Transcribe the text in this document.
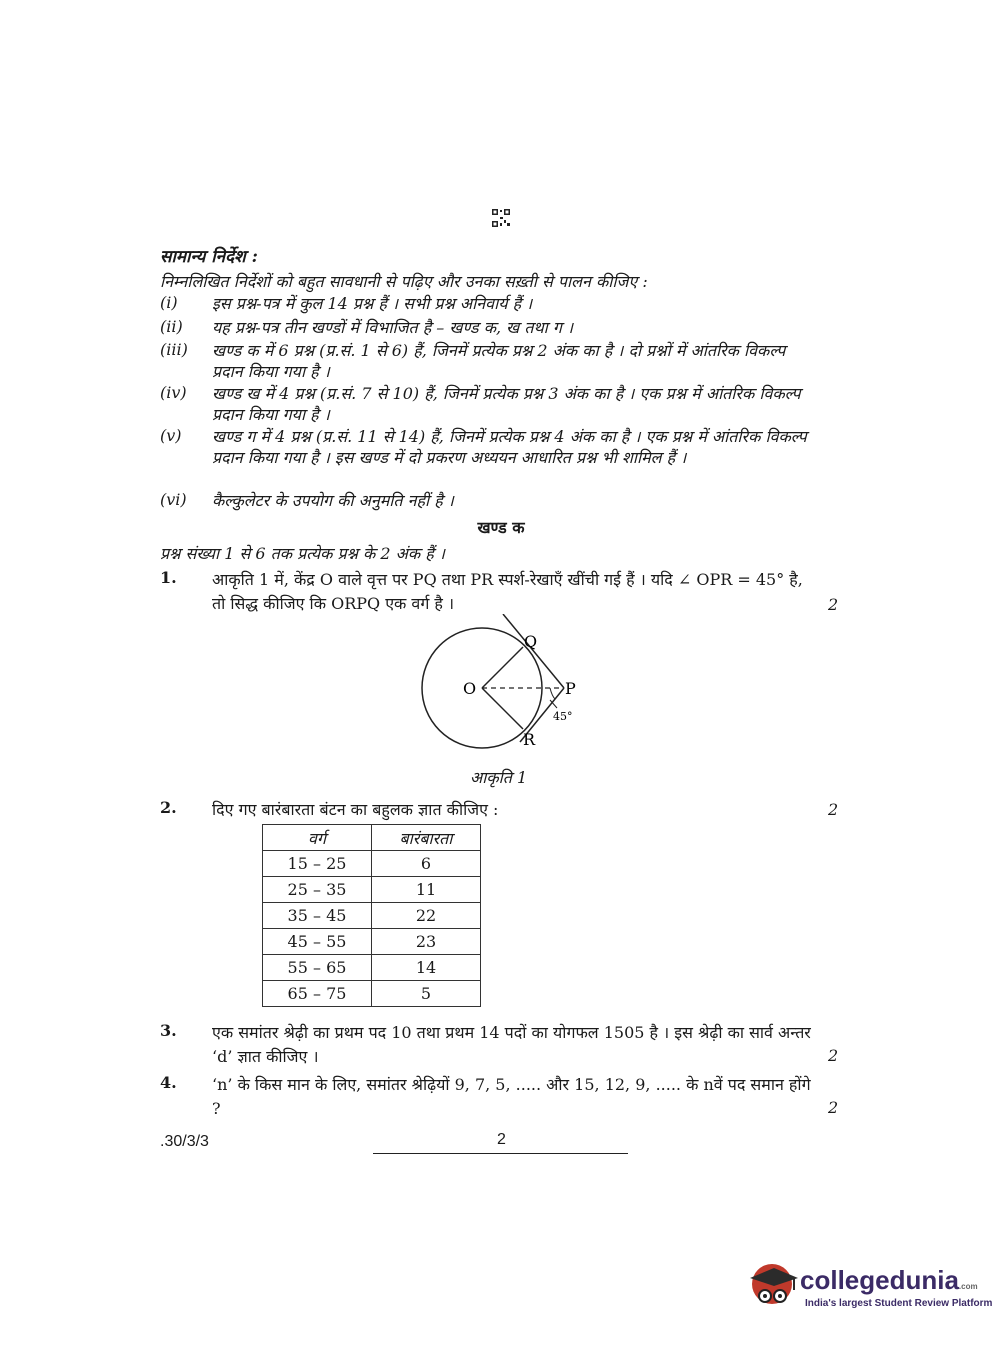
सामान्य निर्देश :
निम्नलिखित निर्देशों को बहुत सावधानी से पढ़िए और उनका सख़्ती से पालन कीजिए :
(i)	इस प्रश्न-पत्र में कुल 14 प्रश्न हैं । सभी प्रश्न अनिवार्य हैं ।
(ii)	यह प्रश्न-पत्र तीन खण्डों में विभाजित है – खण्ड क, ख तथा ग ।
(iii)	खण्ड क में 6 प्रश्न (प्र.सं. 1 से 6) हैं, जिनमें प्रत्येक प्रश्न 2 अंक का है । दो प्रश्नों में आंतरिक विकल्प प्रदान किया गया है ।
(iv)	खण्ड ख में 4 प्रश्न (प्र.सं. 7 से 10) हैं, जिनमें प्रत्येक प्रश्न 3 अंक का है । एक प्रश्न में आंतरिक विकल्प प्रदान किया गया है ।
(v)	खण्ड ग में 4 प्रश्न (प्र.सं. 11 से 14) हैं, जिनमें प्रत्येक प्रश्न 4 अंक का है । एक प्रश्न में आंतरिक विकल्प प्रदान किया गया है । इस खण्ड में दो प्रकरण अध्ययन आधारित प्रश्न भी शामिल हैं ।
(vi)	कैल्कुलेटर के उपयोग की अनुमति नहीं है ।
खण्ड क
प्रश्न संख्या 1 से 6 तक प्रत्येक प्रश्न के 2 अंक हैं ।
1. आकृति 1 में, केंद्र O वाले वृत्त पर PQ तथा PR स्पर्श-रेखाएँ खींची गई हैं । यदि ∠ OPR = 45° है, तो सिद्ध कीजिए कि ORPQ एक वर्ग है ।	2
O	P
Q
R
45°
आकृति 1
2. दिए गए बारंबारता बंटन का बहुलक ज्ञात कीजिए :	2
वर्ग	बारंबारता
15 – 25	6
25 – 35	11
35 – 45	22
45 – 55	23
55 – 65	14
65 – 75	5
3. एक समांतर श्रेढ़ी का प्रथम पद 10 तथा प्रथम 14 पदों का योगफल 1505 है । इस श्रेढ़ी का सार्व अन्तर ‘d’ ज्ञात कीजिए ।	2
4. ‘n’ के किस मान के लिए, समांतर श्रेढ़ियों 9, 7, 5, ..... और 15, 12, 9, ..... के nवें पद समान होंगे ?	2
.30/3/3	2
collegedunia.com
India's largest Student Review Platform
